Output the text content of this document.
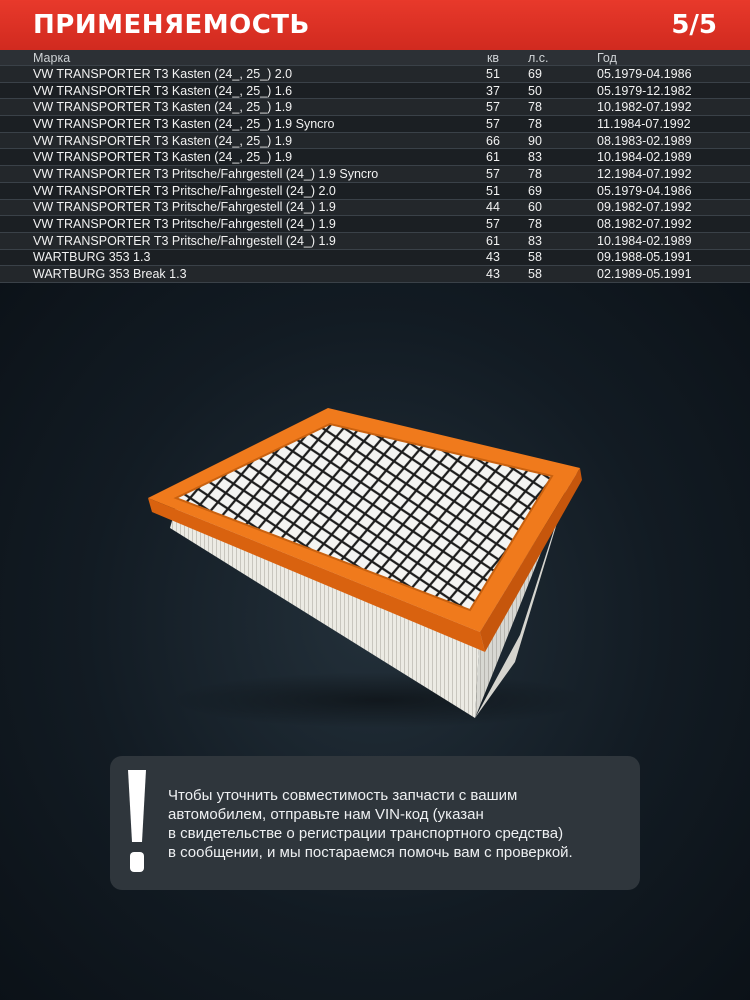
ПРИМЕНЯЕМОСТЬ	5/5
Марка	кв	л.с.	Год
VW TRANSPORTER T3 Kasten (24_, 25_) 2.0	51	69	05.1979-04.1986
VW TRANSPORTER T3 Kasten (24_, 25_) 1.6	37	50	05.1979-12.1982
VW TRANSPORTER T3 Kasten (24_, 25_) 1.9	57	78	10.1982-07.1992
VW TRANSPORTER T3 Kasten (24_, 25_) 1.9 Syncro	57	78	11.1984-07.1992
VW TRANSPORTER T3 Kasten (24_, 25_) 1.9	66	90	08.1983-02.1989
VW TRANSPORTER T3 Kasten (24_, 25_) 1.9	61	83	10.1984-02.1989
VW TRANSPORTER T3 Pritsche/Fahrgestell (24_) 1.9 Syncro	57	78	12.1984-07.1992
VW TRANSPORTER T3 Pritsche/Fahrgestell (24_) 2.0	51	69	05.1979-04.1986
VW TRANSPORTER T3 Pritsche/Fahrgestell (24_) 1.9	44	60	09.1982-07.1992
VW TRANSPORTER T3 Pritsche/Fahrgestell (24_) 1.9	57	78	08.1982-07.1992
VW TRANSPORTER T3 Pritsche/Fahrgestell (24_) 1.9	61	83	10.1984-02.1989
WARTBURG 353 1.3	43	58	09.1988-05.1991
WARTBURG 353 Break 1.3	43	58	02.1989-05.1991
Чтобы уточнить совместимость запчасти с вашим
автомобилем, отправьте нам VIN-код (указан
в свидетельстве о регистрации транспортного средства)
в сообщении, и мы постараемся помочь вам с проверкой.
